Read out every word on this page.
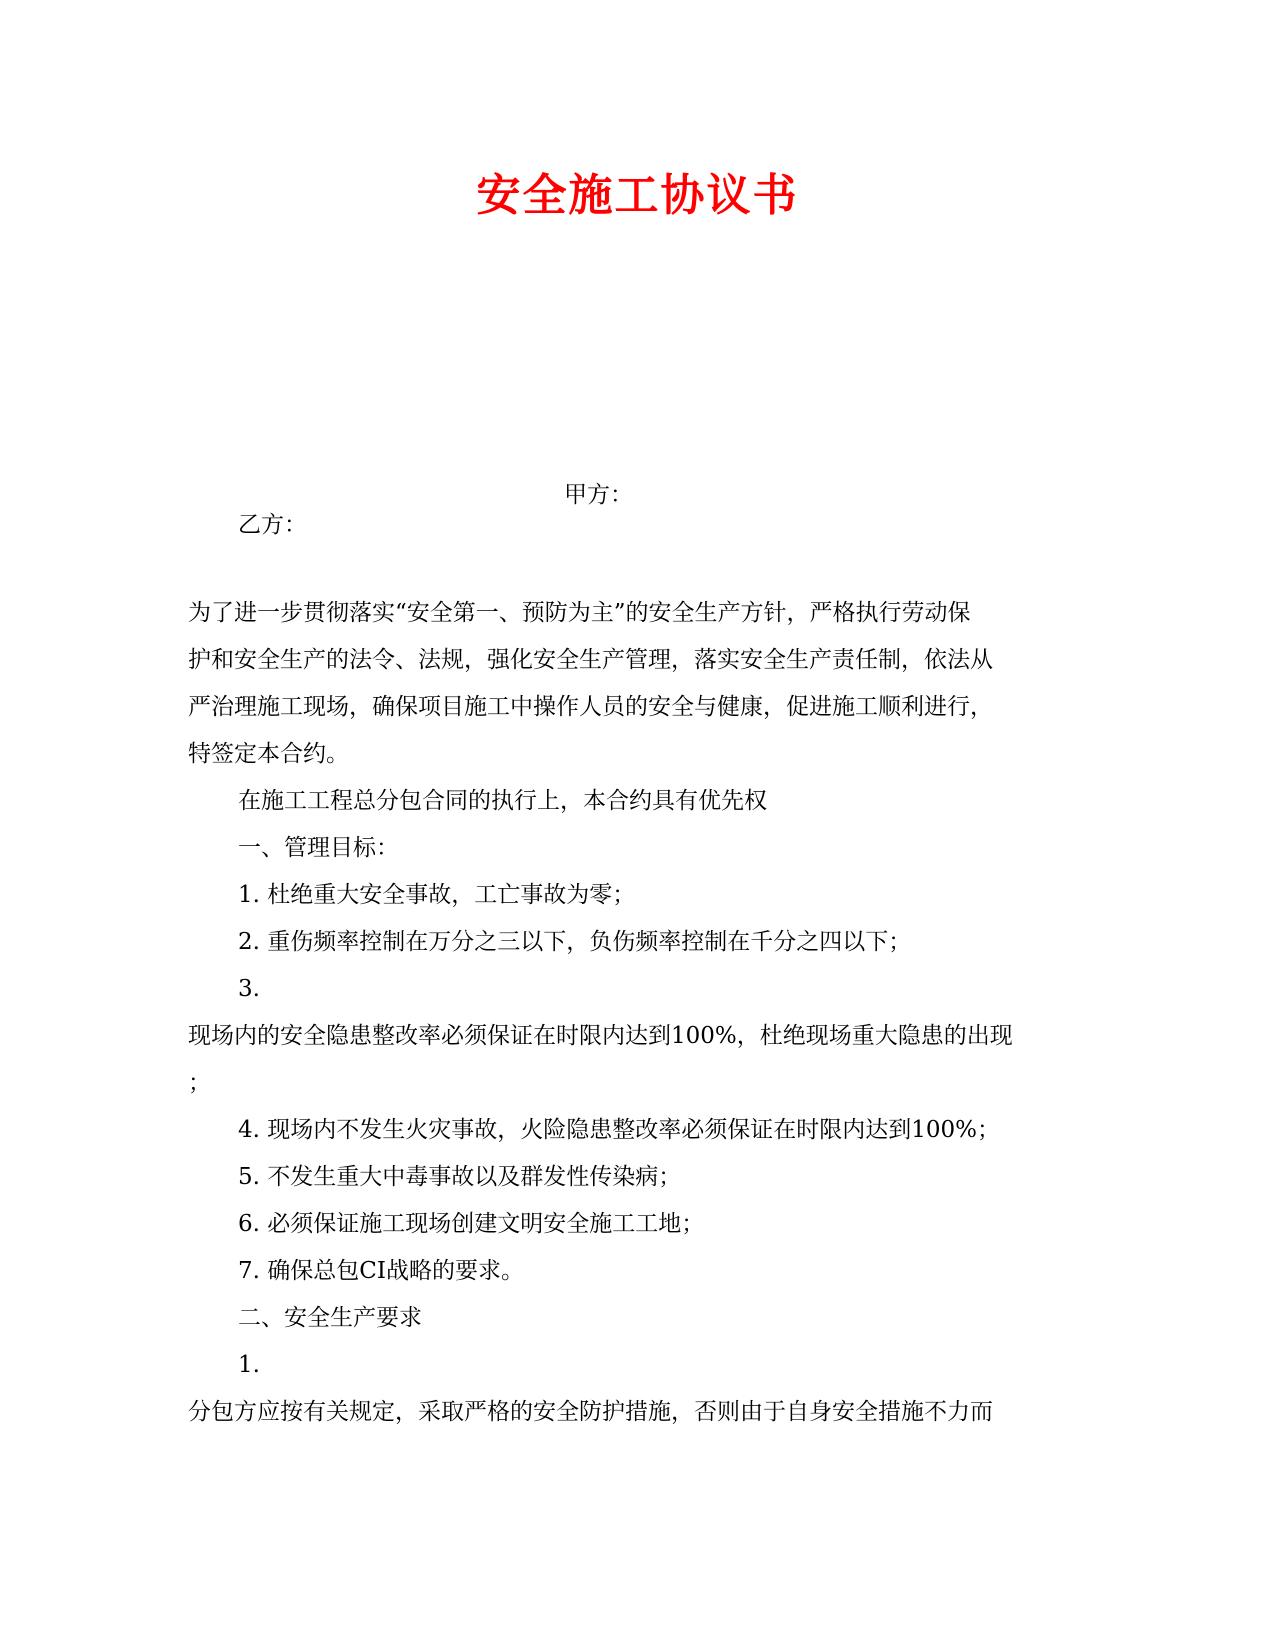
安全施工协议书
甲方：
乙方：
为了进一步贯彻落实“安全第一、预防为主”的安全生产方针，严格执行劳动保
护和安全生产的法令、法规，强化安全生产管理，落实安全生产责任制，依法从
严治理施工现场，确保项目施工中操作人员的安全与健康，促进施工顺利进行，
特签定本合约。
在施工工程总分包合同的执行上，本合约具有优先权
一、管理目标：
1. 杜绝重大安全事故，工亡事故为零；
2. 重伤频率控制在万分之三以下，负伤频率控制在千分之四以下；
3.
现场内的安全隐患整改率必须保证在时限内达到100%，杜绝现场重大隐患的出现
；
4. 现场内不发生火灾事故，火险隐患整改率必须保证在时限内达到100%；
5. 不发生重大中毒事故以及群发性传染病；
6. 必须保证施工现场创建文明安全施工工地；
7. 确保总包CI战略的要求。
二、安全生产要求
1.
分包方应按有关规定，采取严格的安全防护措施，否则由于自身安全措施不力而
